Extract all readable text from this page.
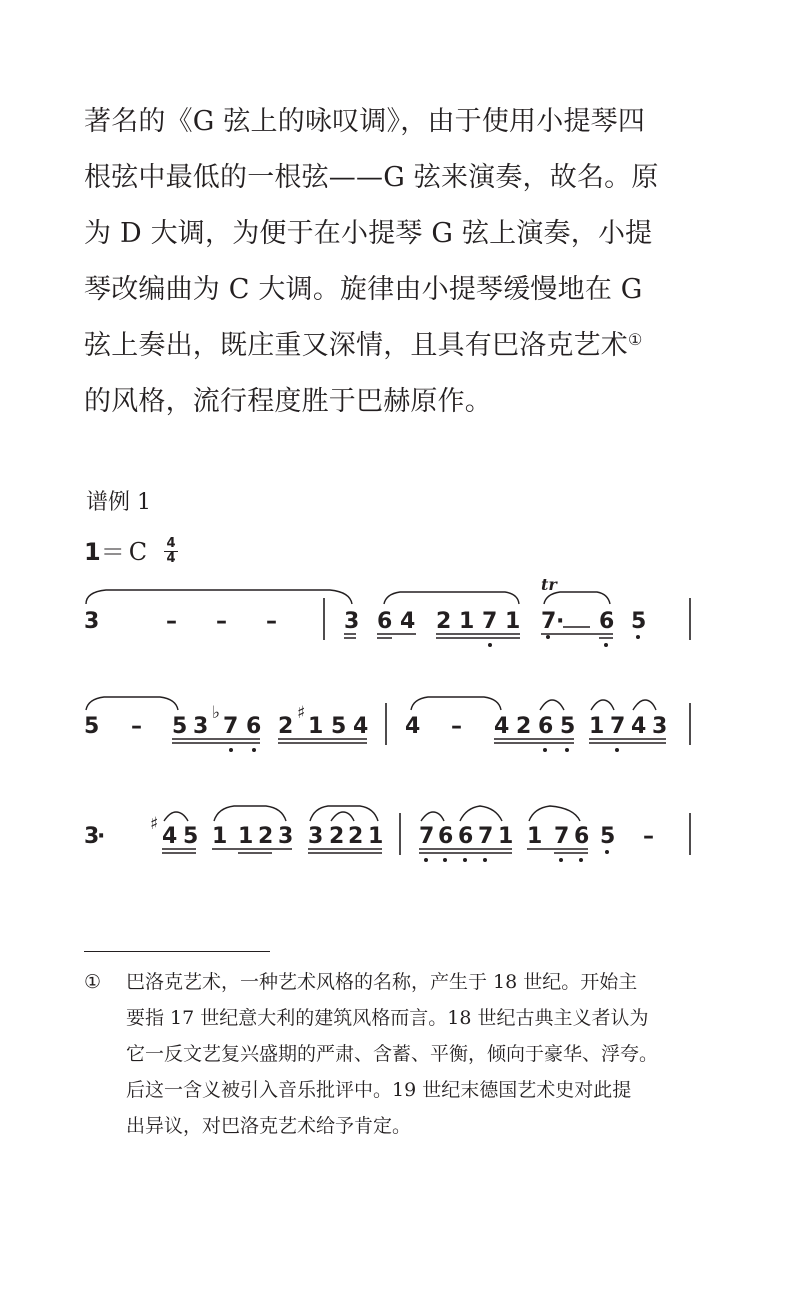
著名的《G 弦上的咏叹调》，由于使用小提琴四
根弦中最低的一根弦——G 弦来演奏，故名。原
为 D 大调，为便于在小提琴 G 弦上演奏，小提
琴改编曲为 C 大调。旋律由小提琴缓慢地在 G
弦上奏出，既庄重又深情，且具有巴洛克艺术①
的风格，流行程度胜于巴赫原作。
谱例 1
1＝ C	4
4
3	– – –	3 6 4 2 1 7 1 7 · 6 5
tr
5 – 5 3
♭
7 6 2
♯
1 5 4 4 – 4 2 6 5 1 7 4 3
3
·	♯ 4 5 1 1 2 3 3 2 2 1 7 6 6 7 1 1 7 6 5 –
① 巴洛克艺术，一种艺术风格的名称，产生于 18 世纪。开始主
要指 17 世纪意大利的建筑风格而言。18 世纪古典主义者认为
它一反文艺复兴盛期的严肃、含蓄、平衡，倾向于豪华、浮夸。
后这一含义被引入音乐批评中。19 世纪末德国艺术史对此提
出异议，对巴洛克艺术给予肯定。
